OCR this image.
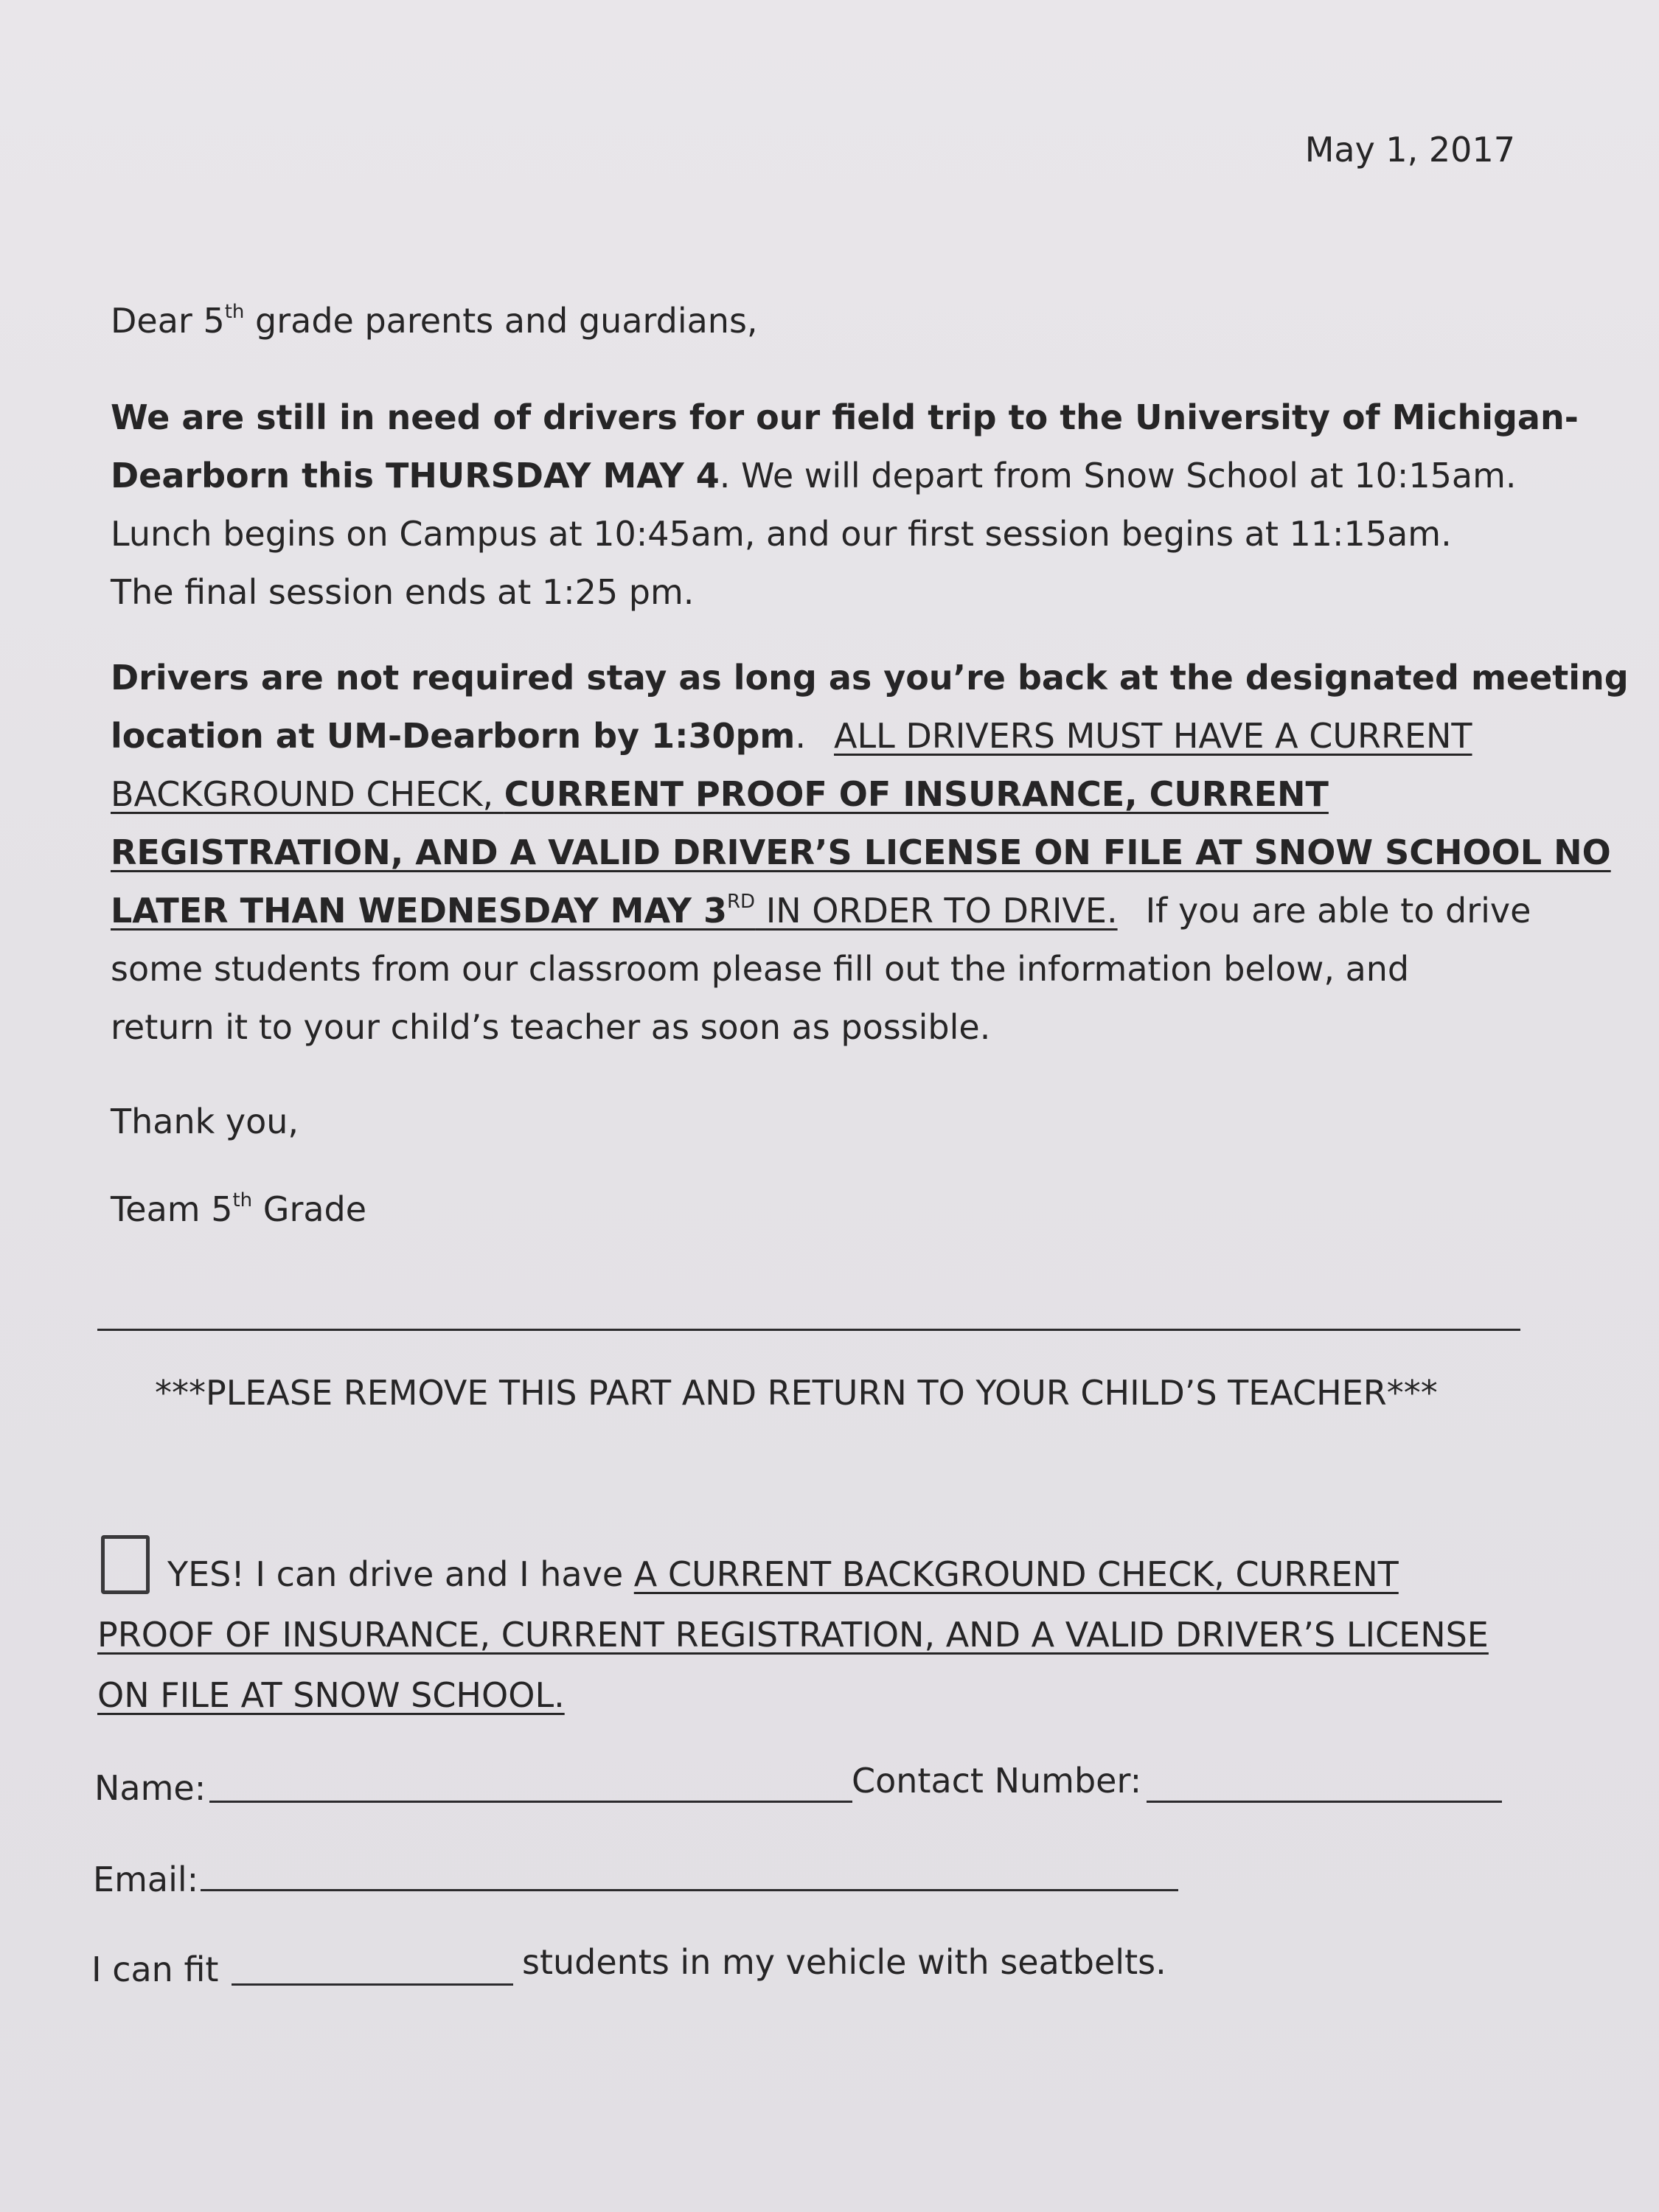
May 1, 2017
Dear 5th grade parents and guardians,
We are still in need of drivers for our field trip to the University of Michigan-
Dearborn this THURSDAY MAY 4. We will depart from Snow School at 10:15am.
Lunch begins on Campus at 10:45am, and our first session begins at 11:15am.
The final session ends at 1:25 pm.
Drivers are not required stay as long as you’re back at the designated meeting
location at UM-Dearborn by 1:30pm. ALL DRIVERS MUST HAVE A CURRENT
BACKGROUND CHECK, CURRENT PROOF OF INSURANCE, CURRENT
REGISTRATION, AND A VALID DRIVER’S LICENSE ON FILE AT SNOW SCHOOL NO
LATER THAN WEDNESDAY MAY 3RD IN ORDER TO DRIVE. If you are able to drive
some students from our classroom please fill out the information below, and
return it to your child’s teacher as soon as possible.
Thank you,
Team 5th Grade
***PLEASE REMOVE THIS PART AND RETURN TO YOUR CHILD’S TEACHER***
YES! I can drive and I have A CURRENT BACKGROUND CHECK, CURRENT
PROOF OF INSURANCE, CURRENT REGISTRATION, AND A VALID DRIVER’S LICENSE
ON FILE AT SNOW SCHOOL.
Name:	Contact Number:
Email:
I can fit	students in my vehicle with seatbelts.
